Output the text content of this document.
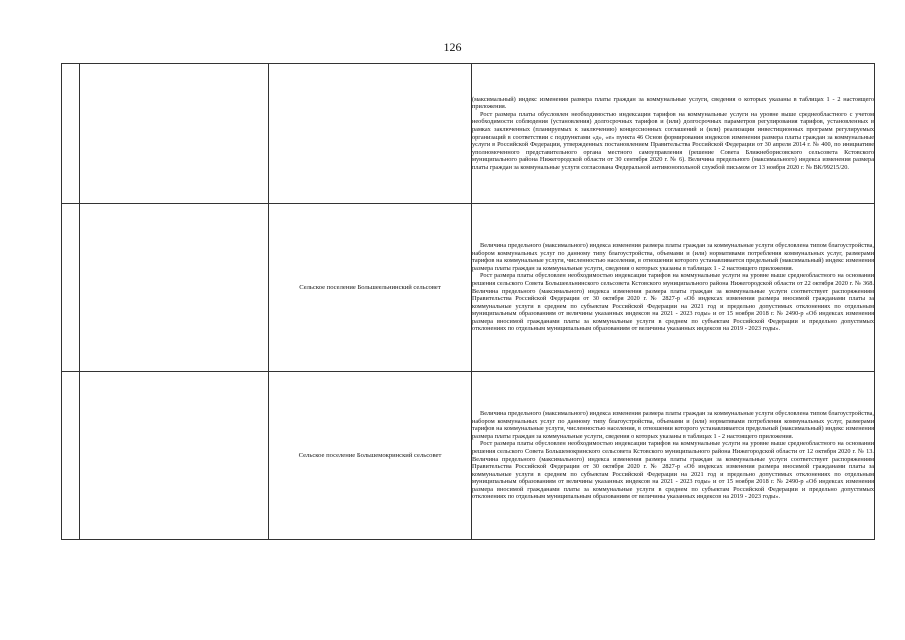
126

			(максимальный) индекс изменения размера платы граждан за коммунальные услуги, сведения о которых указаны в таблицах 1 - 2 настоящего приложения.

Рост размера платы обусловлен необходимостью индексации тарифов на коммунальные услуги на уровне выше среднеобластного с учетом необходимости соблюдения (установления) долгосрочных тарифов и (или) долгосрочных параметров регулирования тарифов, установленных в рамках заключенных (планируемых к заключению) концессионных соглашений и (или) реализации инвестиционных программ регулируемых организаций в соответствии с подпунктами «д», «е» пункта 46 Основ формирования индексов изменения размера платы граждан за коммунальные услуги в Российской Федерации, утвержденных постановлением Правительства Российской Федерации от 30 апреля 2014 г. № 400, по инициативе уполномоченного представительного органа местного самоуправления (решение Совета Ближнеборисовского сельсовета Кстовского муниципального района Нижегородской области от 30 сентября 2020 г. № 6). Величина предельного (максимального) индекса изменения размера платы граждан за коммунальные услуги согласована Федеральной антимонопольной службой письмом от 13 ноября 2020 г. № ВК/99215/20.

		Сельское поселение Большеельнинский сельсовет	Величина предельного (максимального) индекса изменения размера платы граждан за коммунальные услуги обусловлена типом благоустройства, набором коммунальных услуг по данному типу благоустройства, объемами и (или) нормативами потребления коммунальных услуг, размерами тарифов на коммунальные услуги, численностью населения, в отношении которого устанавливается предельный (максимальный) индекс изменения размера платы граждан за коммунальные услуги, сведения о которых указаны в таблицах 1 - 2 настоящего приложения.

Рост размера платы обусловлен необходимостью индексации тарифов на коммунальные услуги на уровне выше среднеобластного на основании решения сельского Совета Большеельнинского сельсовета Кстовского муниципального района Нижегородской области от 22 октября 2020 г. № 368. Величина предельного (максимального) индекса изменения размера платы граждан за коммунальные услуги соответствует распоряжениям Правительства Российской Федерации от 30 октября 2020 г. № 2827-р «Об индексах изменения размера вносимой гражданами платы за коммунальные услуги в среднем по субъектам Российской Федерации на 2021 год и предельно допустимых отклонениях по отдельным муниципальным образованиям от величины указанных индексов на 2021 - 2023 годы» и от 15 ноября 2018 г. № 2490-р «Об индексах изменения размера вносимой гражданами платы за коммунальные услуги в среднем по субъектам Российской Федерации и предельно допустимых отклонениях по отдельным муниципальным образованиям от величины указанных индексов на 2019 - 2023 годы».

		Сельское поселение Большемокринский сельсовет	Величина предельного (максимального) индекса изменения размера платы граждан за коммунальные услуги обусловлена типом благоустройства, набором коммунальных услуг по данному типу благоустройства, объемами и (или) нормативами потребления коммунальных услуг, размерами тарифов на коммунальные услуги, численностью населения, в отношении которого устанавливается предельный (максимальный) индекс изменения размера платы граждан за коммунальные услуги, сведения о которых указаны в таблицах 1 - 2 настоящего приложения.

Рост размера платы обусловлен необходимостью индексации тарифов на коммунальные услуги на уровне выше среднеобластного на основании решения сельского Совета Большемокринского сельсовета Кстовского муниципального района Нижегородской области от 12 октября 2020 г. № 13. Величина предельного (максимального) индекса изменения размера платы граждан за коммунальные услуги соответствует распоряжениям Правительства Российской Федерации от 30 октября 2020 г. № 2827-р «Об индексах изменения размера вносимой гражданами платы за коммунальные услуги в среднем по субъектам Российской Федерации на 2021 год и предельно допустимых отклонениях по отдельным муниципальным образованиям от величины указанных индексов на 2021 - 2023 годы» и от 15 ноября 2018 г. № 2490-р «Об индексах изменения размера вносимой гражданами платы за коммунальные услуги в среднем по субъектам Российской Федерации и предельно допустимых отклонениях по отдельным муниципальным образованиям от величины указанных индексов на 2019 - 2023 годы».
